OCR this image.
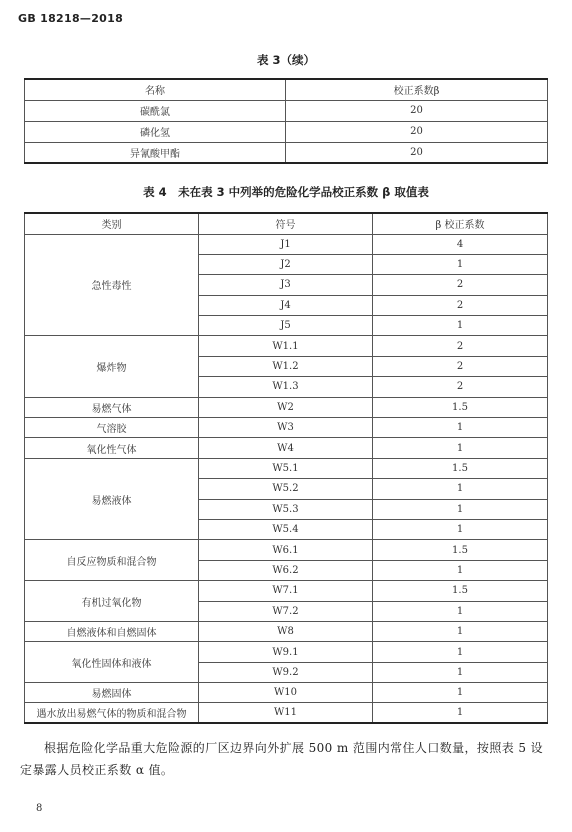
GB 18218—2018
表 3（续）
名称	校正系数β
碳酰氯	20
磷化氢	20
异氰酸甲酯	20
表 4　未在表 3 中列举的危险化学品校正系数 β 取值表
类别	符号	β 校正系数
急性毒性	J1	4
	J2	1
	J3	2
	J4	2
	J5	1
爆炸物	W1.1	2
	W1.2	2
	W1.3	2
易燃气体	W2	1.5
气溶胶	W3	1
氧化性气体	W4	1
易燃液体	W5.1	1.5
	W5.2	1
	W5.3	1
	W5.4	1
自反应物质和混合物	W6.1	1.5
	W6.2	1
有机过氧化物	W7.1	1.5
	W7.2	1
自燃液体和自燃固体	W8	1
氧化性固体和液体	W9.1	1
	W9.2	1
易燃固体	W10	1
遇水放出易燃气体的物质和混合物	W11	1
根据危险化学品重大危险源的厂区边界向外扩展 500 m 范围内常住人口数量，按照表 5 设定暴露人员校正系数 α 值。
8
